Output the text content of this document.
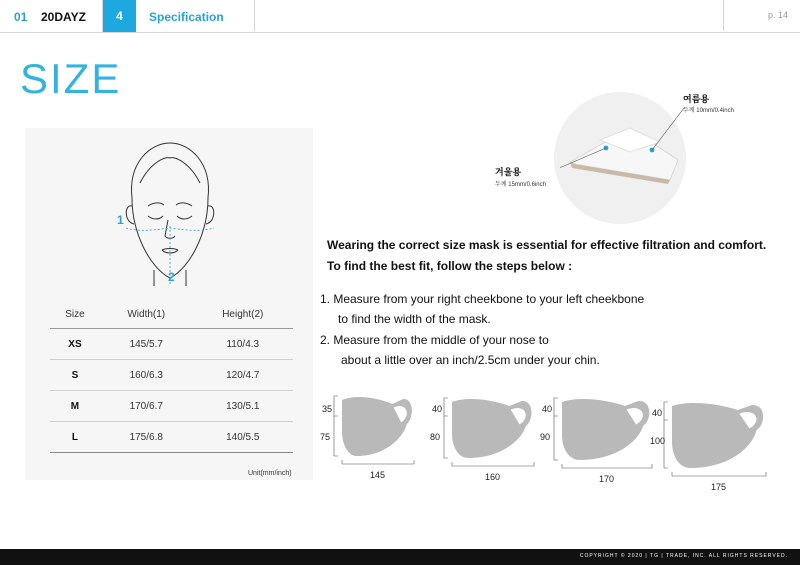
01 20DAYZ	4	Specification	p. 14
SIZE
1
2
Size	Width(1)	Height(2)
XS	145/5.7	110/4.3
S	160/6.3	120/4.7
M	170/6.7	130/5.1
L	175/6.8	140/5.5
Unit(mm/inch)
여름용
두께 10mm/0.4inch
겨울용
두께 15mm/0.6inch
Wearing the correct size mask is essential for effective filtration and comfort.
To find the best fit, follow the steps below :
1. Measure from your right cheekbone to your left cheekbone
to find the width of the mask.
2. Measure from the middle of your nose to
about a little over an inch/2.5cm under your chin.
35
75
145
40
80
160
40
90
170
40
100
175
COPYRIGHT © 2020 | TG | TRADE, INC. ALL RIGHTS RESERVED.
